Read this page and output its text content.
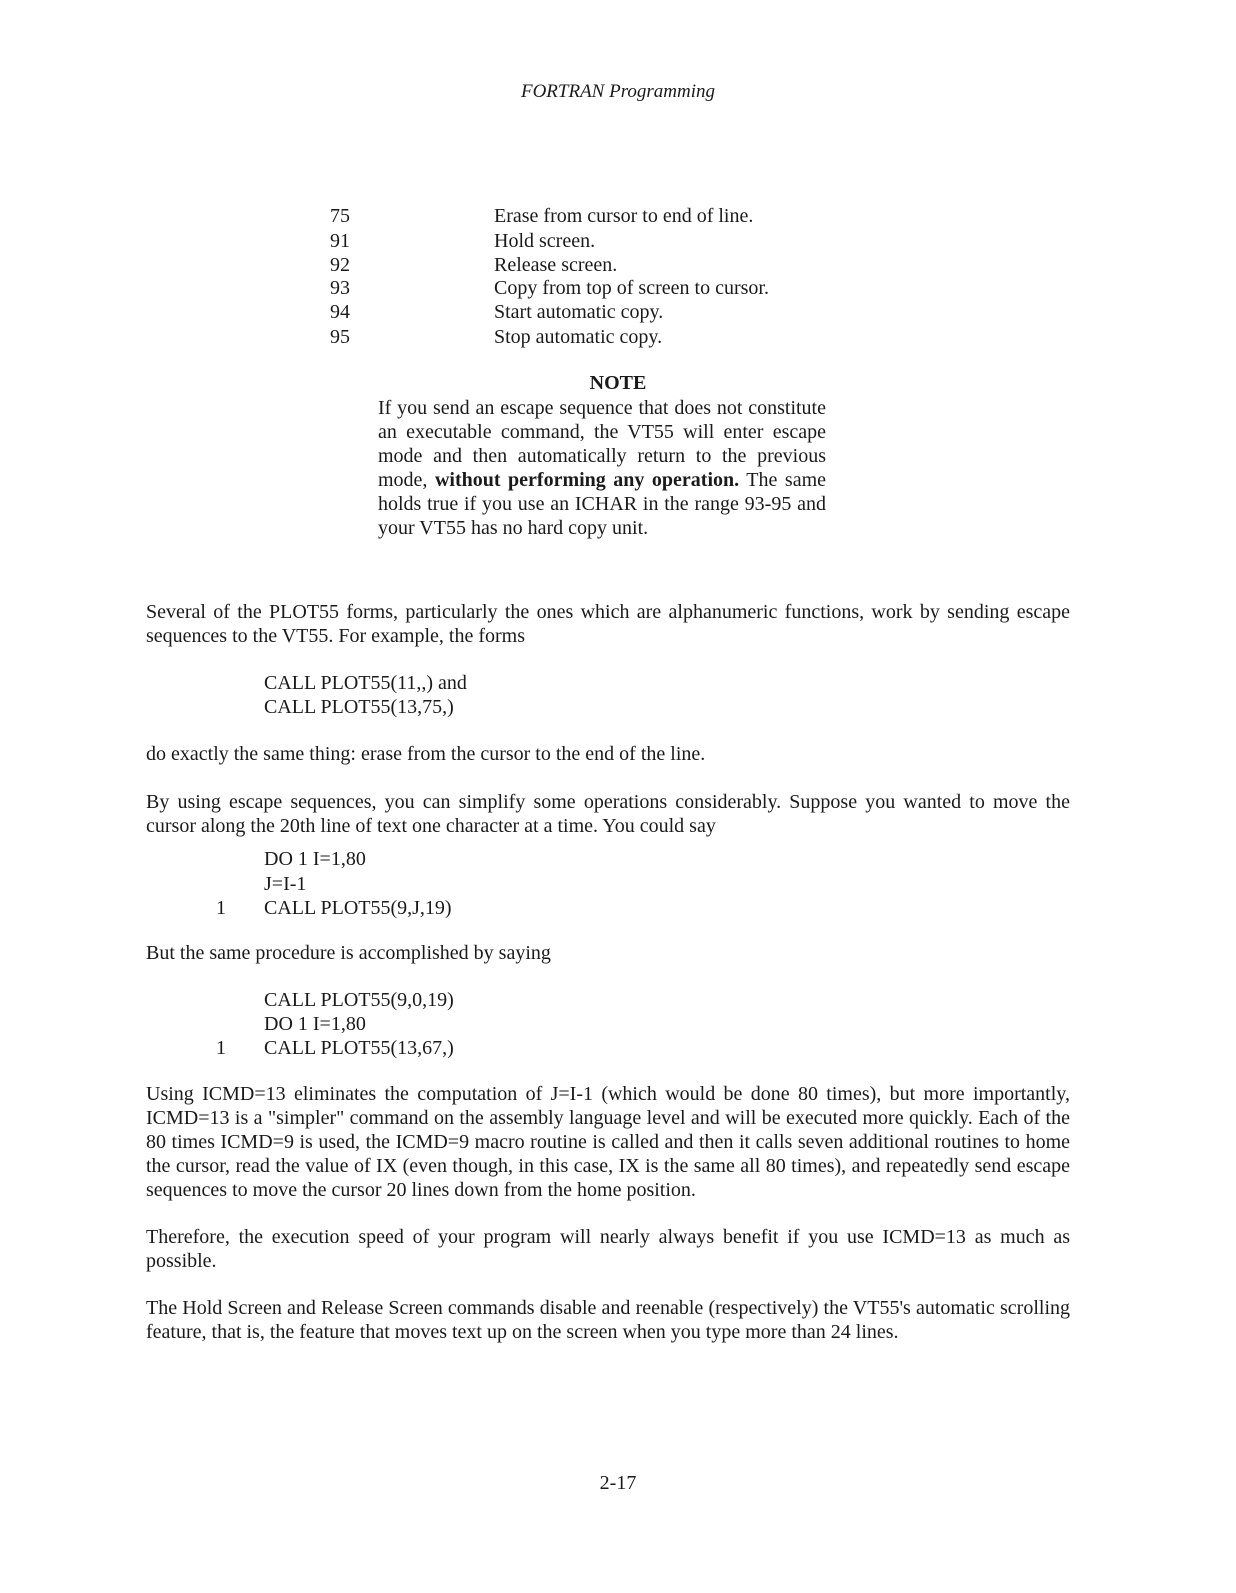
FORTRAN Programming
75	Erase from cursor to end of line.
91	Hold screen.
92	Release screen.
93	Copy from top of screen to cursor.
94	Start automatic copy.
95	Stop automatic copy.
NOTE
If you send an escape sequence that does not constitute an executable command, the VT55 will enter escape mode and then automatically return to the previous mode, without performing any operation. The same holds true if you use an ICHAR in the range 93-95 and your VT55 has no hard copy unit.
Several of the PLOT55 forms, particularly the ones which are alphanumeric functions, work by sending escape sequences to the VT55. For example, the forms
CALL PLOT55(11,,) and
CALL PLOT55(13,75,)
do exactly the same thing: erase from the cursor to the end of the line.
By using escape sequences, you can simplify some operations considerably. Suppose you wanted to move the cursor along the 20th line of text one character at a time. You could say
DO 1 I=1,80
J=I-1
1 CALL PLOT55(9,J,19)
But the same procedure is accomplished by saying
CALL PLOT55(9,0,19)
DO 1 I=1,80
1 CALL PLOT55(13,67,)
Using ICMD=13 eliminates the computation of J=I-1 (which would be done 80 times), but more importantly, ICMD=13 is a "simpler" command on the assembly language level and will be executed more quickly. Each of the 80 times ICMD=9 is used, the ICMD=9 macro routine is called and then it calls seven additional routines to home the cursor, read the value of IX (even though, in this case, IX is the same all 80 times), and repeatedly send escape sequences to move the cursor 20 lines down from the home position.
Therefore, the execution speed of your program will nearly always benefit if you use ICMD=13 as much as possible.
The Hold Screen and Release Screen commands disable and reenable (respectively) the VT55's automatic scrolling feature, that is, the feature that moves text up on the screen when you type more than 24 lines.
2-17
